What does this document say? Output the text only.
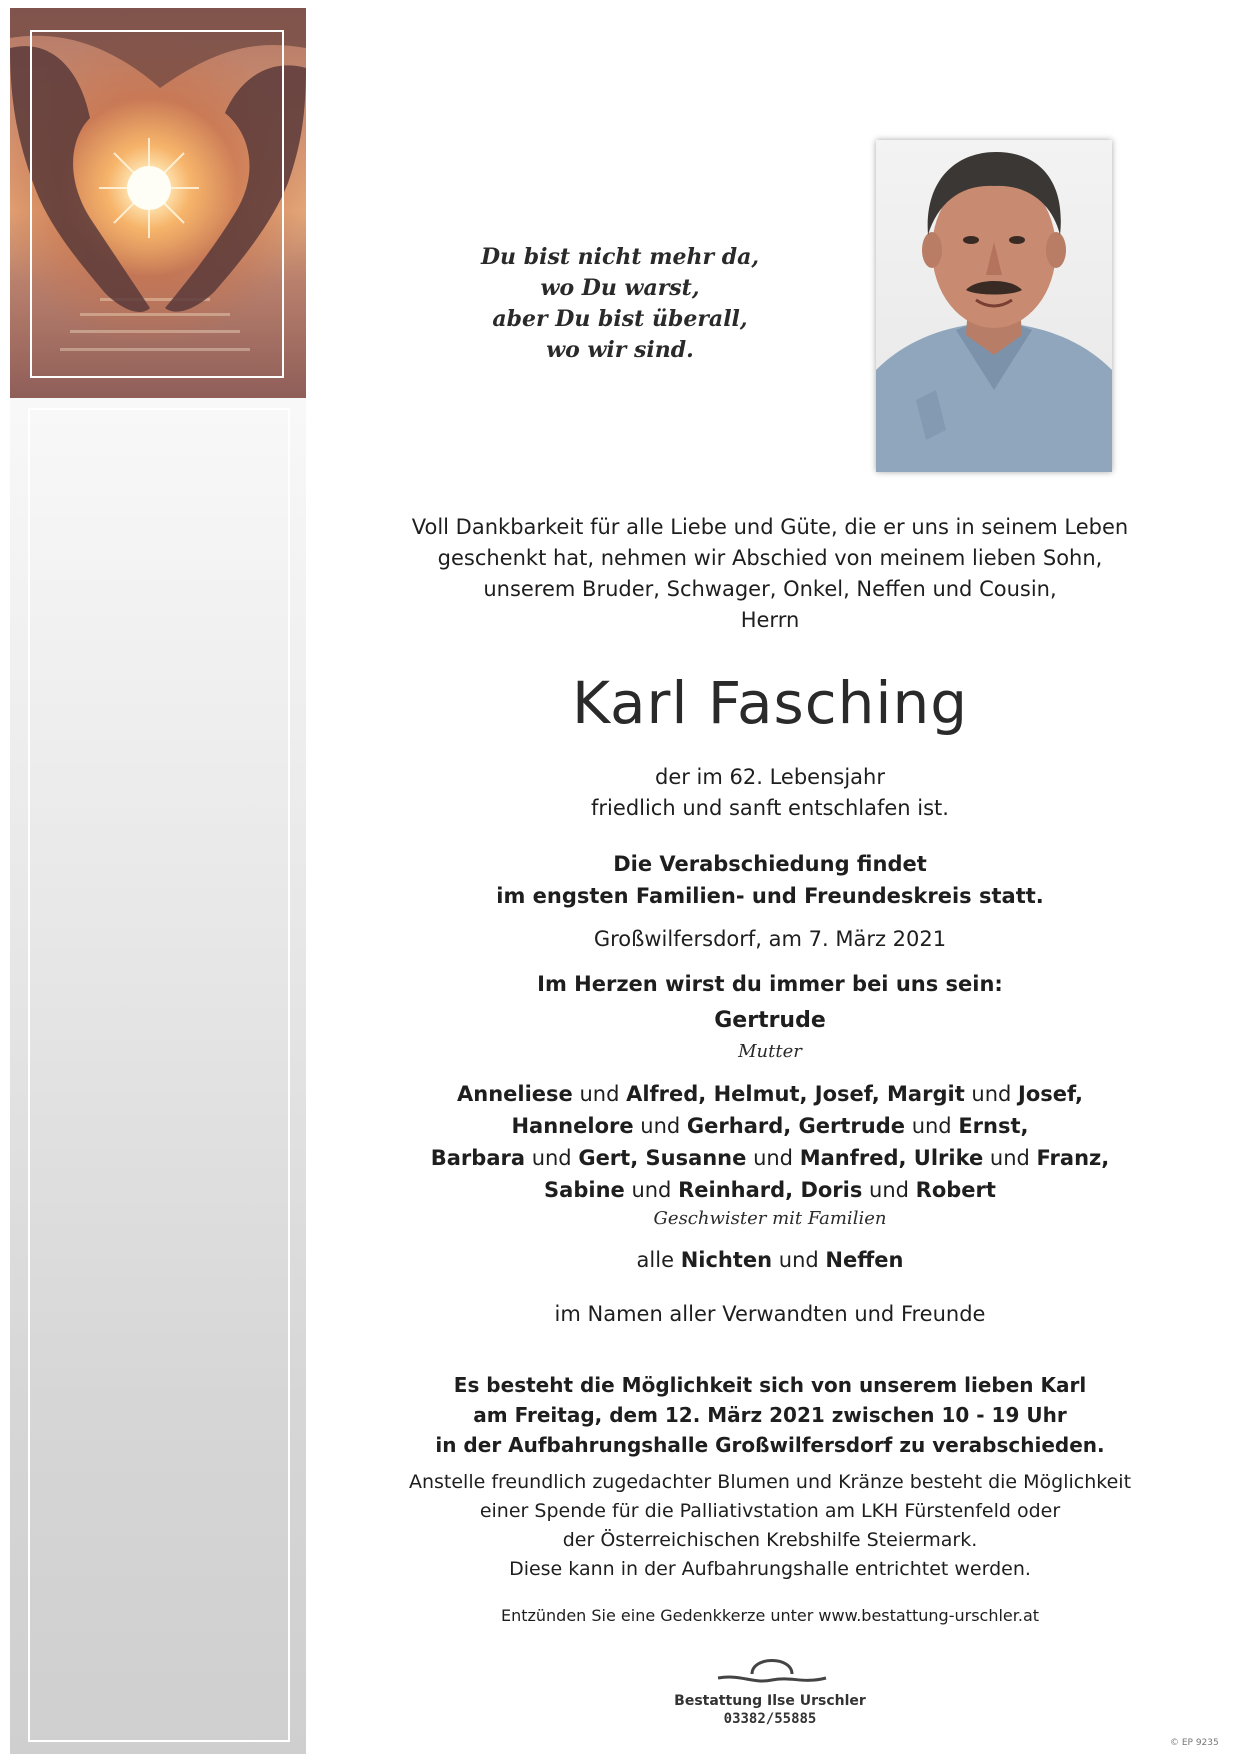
Du bist nicht mehr da,
wo Du warst,
aber Du bist überall,
wo wir sind.
Voll Dankbarkeit für alle Liebe und Güte, die er uns in seinem Leben
geschenkt hat, nehmen wir Abschied von meinem lieben Sohn,
unserem Bruder, Schwager, Onkel, Neffen und Cousin,
Herrn
Karl Fasching
der im 62. Lebensjahr
friedlich und sanft entschlafen ist.
Die Verabschiedung findet
im engsten Familien- und Freundeskreis statt.
Großwilfersdorf, am 7. März 2021
Im Herzen wirst du immer bei uns sein:
Gertrude
Mutter
Anneliese und Alfred, Helmut, Josef, Margit und Josef,
Hannelore und Gerhard, Gertrude und Ernst,
Barbara und Gert, Susanne und Manfred, Ulrike und Franz,
Sabine und Reinhard, Doris und Robert
Geschwister mit Familien
alle Nichten und Neffen
im Namen aller Verwandten und Freunde
Es besteht die Möglichkeit sich von unserem lieben Karl
am Freitag, dem 12. März 2021 zwischen 10 - 19 Uhr
in der Aufbahrungshalle Großwilfersdorf zu verabschieden.
Anstelle freundlich zugedachter Blumen und Kränze besteht die Möglichkeit
einer Spende für die Palliativstation am LKH Fürstenfeld oder
der Österreichischen Krebshilfe Steiermark.
Diese kann in der Aufbahrungshalle entrichtet werden.
Entzünden Sie eine Gedenkkerze unter www.bestattung-urschler.at
Bestattung Ilse Urschler
03382/55885
© EP 9235
